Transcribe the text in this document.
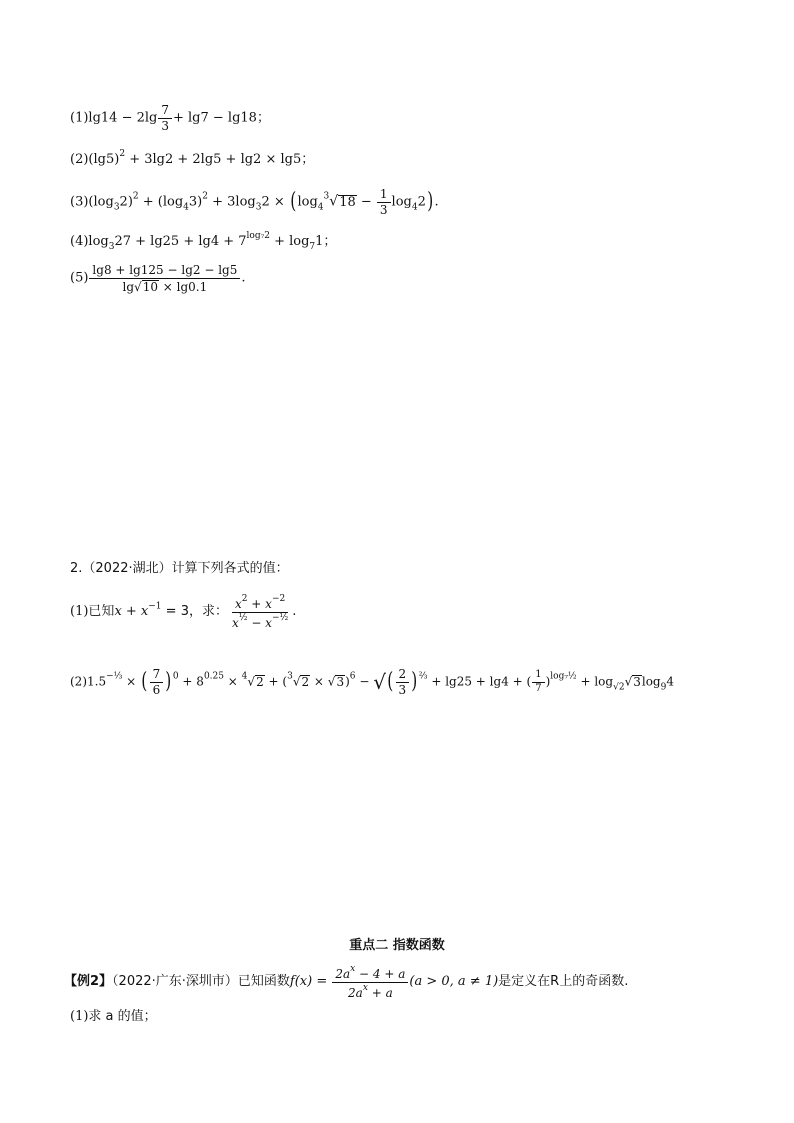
$(1)\lg 14 - 2\lg \frac{7}{3} + \lg 7 - \lg 18$；
$(2)(\lg 5)^2 + 3\lg 2 + 2\lg 5 + \lg 2 \times \lg 5$；
$(3)(\log_32)^2 + (\log_43)^2 + 3\log_32 \times (\log_4^3√18 - \frac{1}{3} \log_42)$.
$(4)\log_327 + \lg 25 + \lg 4 + 7^{log_72} + \log_71$；
$(5) \frac{\lg 8 + \lg 125 - \lg 2 - \lg 5}{\lg√10 \times \lg 0.1}$ .
2.（2022·湖北）计算下列各式的值：
(1)已知$x + x^{-1} = 3$，求： $\frac{x^2 + x^{-2}}{x^{\frac{1}{2}} - x^{-\frac{1}{2}}}$ .
$(2)1.5^{-\frac{1}{3}}$ × ( $\frac{7}{6} )^0 + 8^{0.25} \times ^4√2 + (^3√2 \times √3)^6$ − √( $\frac{2}{3} )^{\frac{2}{3}} + \lg 25 + \lg 4$ + ( $\frac{1}{7} )^{log_7\frac{1}{2}} + \log_{√2}√3\log_94$
重点二 指数函数
【例2】（2022·广东·深圳市）已知函数$f(x) = \frac{2a^x - 4 + a}{2a^x + a} (a > 0$, a ≠ 1)是定义在R上的奇函数.
(1)求 a 的值；
